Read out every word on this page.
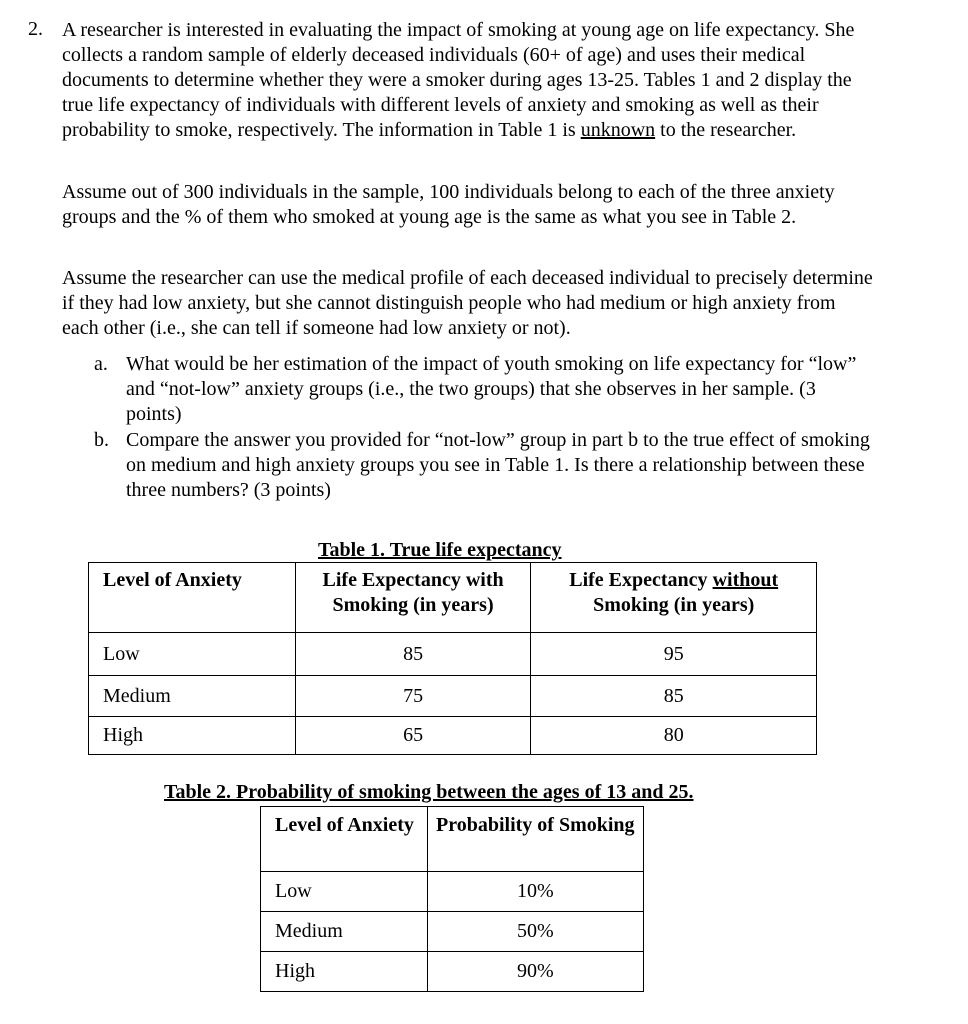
2. A researcher is interested in evaluating the impact of smoking at young age on life expectancy. She collects a random sample of elderly deceased individuals (60+ of age) and uses their medical documents to determine whether they were a smoker during ages 13-25. Tables 1 and 2 display the true life expectancy of individuals with different levels of anxiety and smoking as well as their probability to smoke, respectively. The information in Table 1 is unknown to the researcher.
Assume out of 300 individuals in the sample, 100 individuals belong to each of the three anxiety groups and the % of them who smoked at young age is the same as what you see in Table 2.
Assume the researcher can use the medical profile of each deceased individual to precisely determine if they had low anxiety, but she cannot distinguish people who had medium or high anxiety from each other (i.e., she can tell if someone had low anxiety or not).
a. What would be her estimation of the impact of youth smoking on life expectancy for “low” and “not-low” anxiety groups (i.e., the two groups) that she observes in her sample. (3 points)
b. Compare the answer you provided for “not-low” group in part b to the true effect of smoking on medium and high anxiety groups you see in Table 1. Is there a relationship between these three numbers? (3 points)
Table 1. True life expectancy
Level of Anxiety	Life Expectancy with Smoking (in years)	Life Expectancy without
Smoking (in years)
Low	85	95
Medium	75	85
High	65	80
Table 2. Probability of smoking between the ages of 13 and 25.
Level of Anxiety	Probability of Smoking
Low	10%
Medium	50%
High	90%
